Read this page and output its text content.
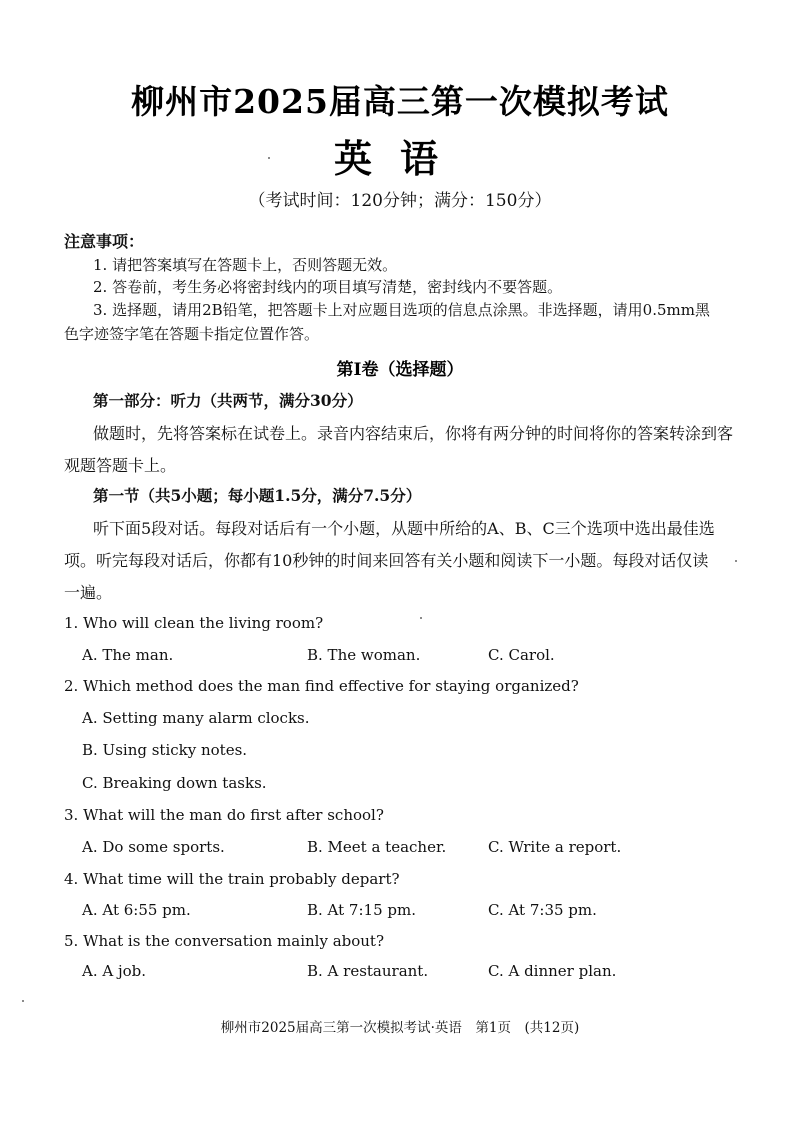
柳州市2025届高三第一次模拟考试
英语
（考试时间：120分钟；满分：150分）
注意事项：
1. 请把答案填写在答题卡上，否则答题无效。
2. 答卷前，考生务必将密封线内的项目填写清楚，密封线内不要答题。
3. 选择题，请用2B铅笔，把答题卡上对应题目选项的信息点涂黑。非选择题，请用0.5mm黑
色字迹签字笔在答题卡指定位置作答。
第Ⅰ卷（选择题）
第一部分：听力（共两节，满分30分）
做题时，先将答案标在试卷上。录音内容结束后，你将有两分钟的时间将你的答案转涂到客
观题答题卡上。
第一节（共5小题；每小题1.5分，满分7.5分）
听下面5段对话。每段对话后有一个小题，从题中所给的A、B、C三个选项中选出最佳选
项。听完每段对话后，你都有10秒钟的时间来回答有关小题和阅读下一小题。每段对话仅读
一遍。
1. Who will clean the living room?
A. The man.	B. The woman.	C. Carol.
2. Which method does the man find effective for staying organized?
A. Setting many alarm clocks.
B. Using sticky notes.
C. Breaking down tasks.
3. What will the man do first after school?
A. Do some sports.	B. Meet a teacher.	C. Write a report.
4. What time will the train probably depart?
A. At 6:55 pm.	B. At 7:15 pm.	C. At 7:35 pm.
5. What is the conversation mainly about?
A. A job.	B. A restaurant.	C. A dinner plan.
柳州市2025届高三第一次模拟考试·英语　第1页　(共12页)
